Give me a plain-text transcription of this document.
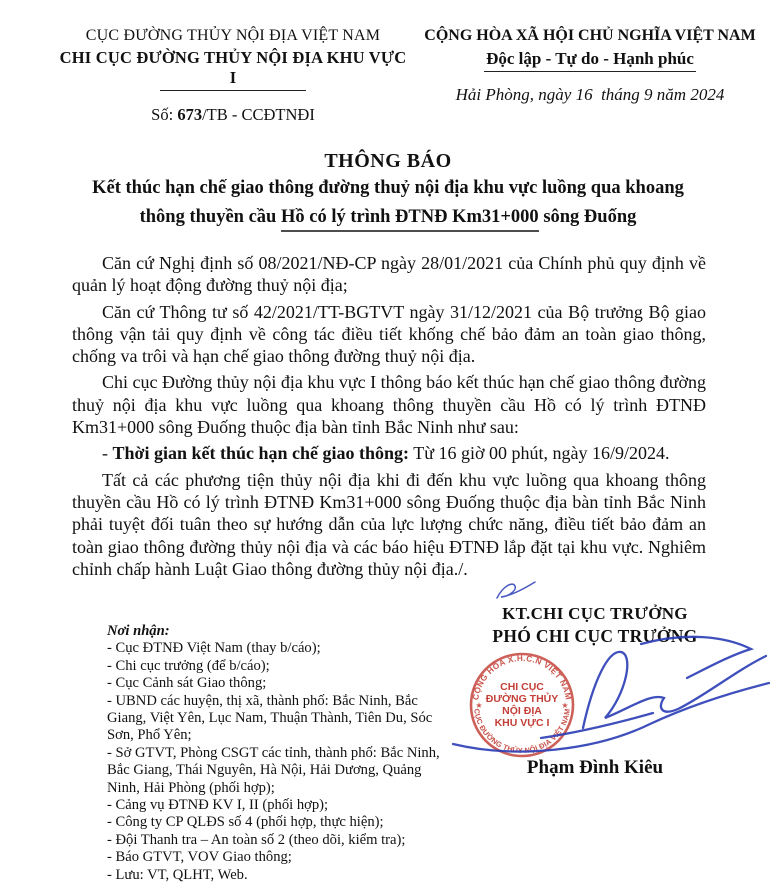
CỤC ĐƯỜNG THỦY NỘI ĐỊA VIỆT NAM
CHI CỤC ĐƯỜNG THỦY NỘI ĐỊA KHU VỰC I
Số: 673/TB - CCĐTNĐI
CỘNG HÒA XÃ HỘI CHỦ NGHĨA VIỆT NAM
Độc lập - Tự do - Hạnh phúc
Hải Phòng, ngày 16  tháng 9 năm 2024
THÔNG BÁO
Kết thúc hạn chế giao thông đường thuỷ nội địa khu vực luồng qua khoang
thông thuyền cầu Hồ có lý trình ĐTNĐ Km31+000 sông Đuống

Căn cứ Nghị định số 08/2021/NĐ-CP ngày 28/01/2021 của Chính phủ quy định về quản lý hoạt động đường thuỷ nội địa;

Căn cứ Thông tư số 42/2021/TT-BGTVT ngày 31/12/2021 của Bộ trưởng Bộ giao thông vận tải quy định về công tác điều tiết khống chế bảo đảm an toàn giao thông, chống va trôi và hạn chế giao thông đường thuỷ nội địa.

Chi cục Đường thủy nội địa khu vực I thông báo kết thúc hạn chế giao thông đường thuỷ nội địa khu vực luồng qua khoang thông thuyền cầu Hồ có lý trình ĐTNĐ Km31+000 sông Đuống thuộc địa bàn tỉnh Bắc Ninh như sau:

- Thời gian kết thúc hạn chế giao thông: Từ 16 giờ 00 phút, ngày 16/9/2024.

Tất cả các phương tiện thủy nội địa khi đi đến khu vực luồng qua khoang thông thuyền cầu Hồ có lý trình ĐTNĐ Km31+000 sông Đuống thuộc địa bàn tỉnh Bắc Ninh phải tuyệt đối tuân theo sự hướng dẫn của lực lượng chức năng, điều tiết bảo đảm an toàn giao thông đường thủy nội địa và các báo hiệu ĐTNĐ lắp đặt tại khu vực. Nghiêm chỉnh chấp hành Luật Giao thông đường thủy nội địa./.

Nơi nhận:
- Cục ĐTNĐ Việt Nam (thay b/cáo);
- Chi cục trưởng (để b/cáo);
- Cục Cảnh sát Giao thông;
- UBND các huyện, thị xã, thành phố: Bắc Ninh, Bắc Giang, Việt Yên, Lục Nam, Thuận Thành, Tiên Du, Sóc Sơn, Phổ Yên;
- Sở GTVT, Phòng CSGT các tỉnh, thành phố: Bắc Ninh, Bắc Giang, Thái Nguyên, Hà Nội, Hải Dương, Quảng Ninh, Hải Phòng (phối hợp);
- Cảng vụ ĐTNĐ KV I, II (phối hợp);
- Công ty CP QLĐS số 4 (phối hợp, thực hiện);
- Đội Thanh tra – An toàn số 2 (theo dõi, kiểm tra);
- Báo GTVT, VOV Giao thông;
- Lưu: VT, QLHT, Web.
KT.CHI CỤC TRƯỞNG
PHÓ CHI CỤC TRƯỞNG
CỘNG HÒA X.H.C.N VIỆT NAM
CỤC ĐƯỜNG THỦY NỘI ĐỊA VIỆT NAM
★	★
CHI CỤC
ĐƯỜNG THỦY
NỘI ĐỊA
KHU VỰC I
Phạm Đình Kiêu
